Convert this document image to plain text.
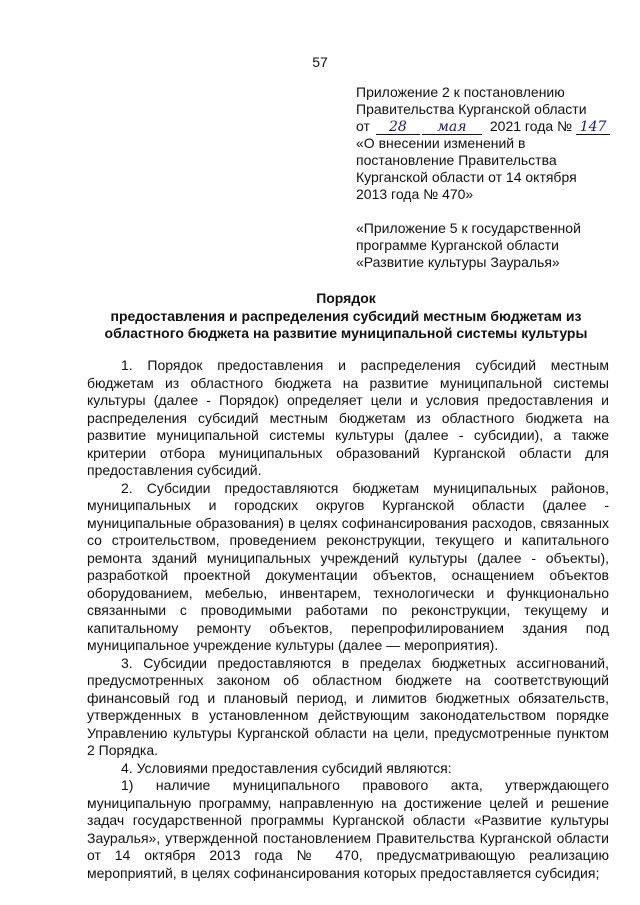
57
Приложение 2 к постановлению
Правительства Курганской области
от	28	мая	2021 года № 147
«О внесении изменений в
постановление Правительства
Курганской области от 14 октября
2013 года № 470»
«Приложение 5 к государственной
программе Курганской области
«Развитие культуры Зауралья»
Порядок
предоставления и распределения субсидий местным бюджетам из областного бюджета на развитие муниципальной системы культуры

1. Порядок предоставления и распределения субсидий местным бюджетам из областного бюджета на развитие муниципальной системы культуры (далее - Порядок) определяет цели и условия предоставления и распределения субсидий местным бюджетам из областного бюджета на развитие муниципальной системы культуры (далее - субсидии), а также критерии отбора муниципальных образований Курганской области для предоставления субсидий.

2. Субсидии предоставляются бюджетам муниципальных районов, муниципальных и городских округов Курганской области (далее - муниципальные образования) в целях софинансирования расходов, связанных со строительством, проведением реконструкции, текущего и капитального ремонта зданий муниципальных учреждений культуры (далее - объекты), разработкой проектной документации объектов, оснащением объектов оборудованием, мебелью, инвентарем, технологически и функционально связанными с проводимыми работами по реконструкции, текущему и капитальному ремонту объектов, перепрофилированием здания под муниципальное учреждение культуры (далее — мероприятия).

3. Субсидии предоставляются в пределах бюджетных ассигнований, предусмотренных законом об областном бюджете на соответствующий финансовый год и плановый период, и лимитов бюджетных обязательств, утвержденных в установленном действующим законодательством порядке Управлению культуры Курганской области на цели, предусмотренные пунктом 2 Порядка.

4. Условиями предоставления субсидий являются:

1) наличие муниципального правового акта, утверждающего муниципальную программу, направленную на достижение целей и решение задач государственной программы Курганской области «Развитие культуры Зауралья», утвержденной постановлением Правительства Курганской области от 14 октября 2013 года № 470, предусматривающую реализацию мероприятий, в целях софинансирования которых предоставляется субсидия;
